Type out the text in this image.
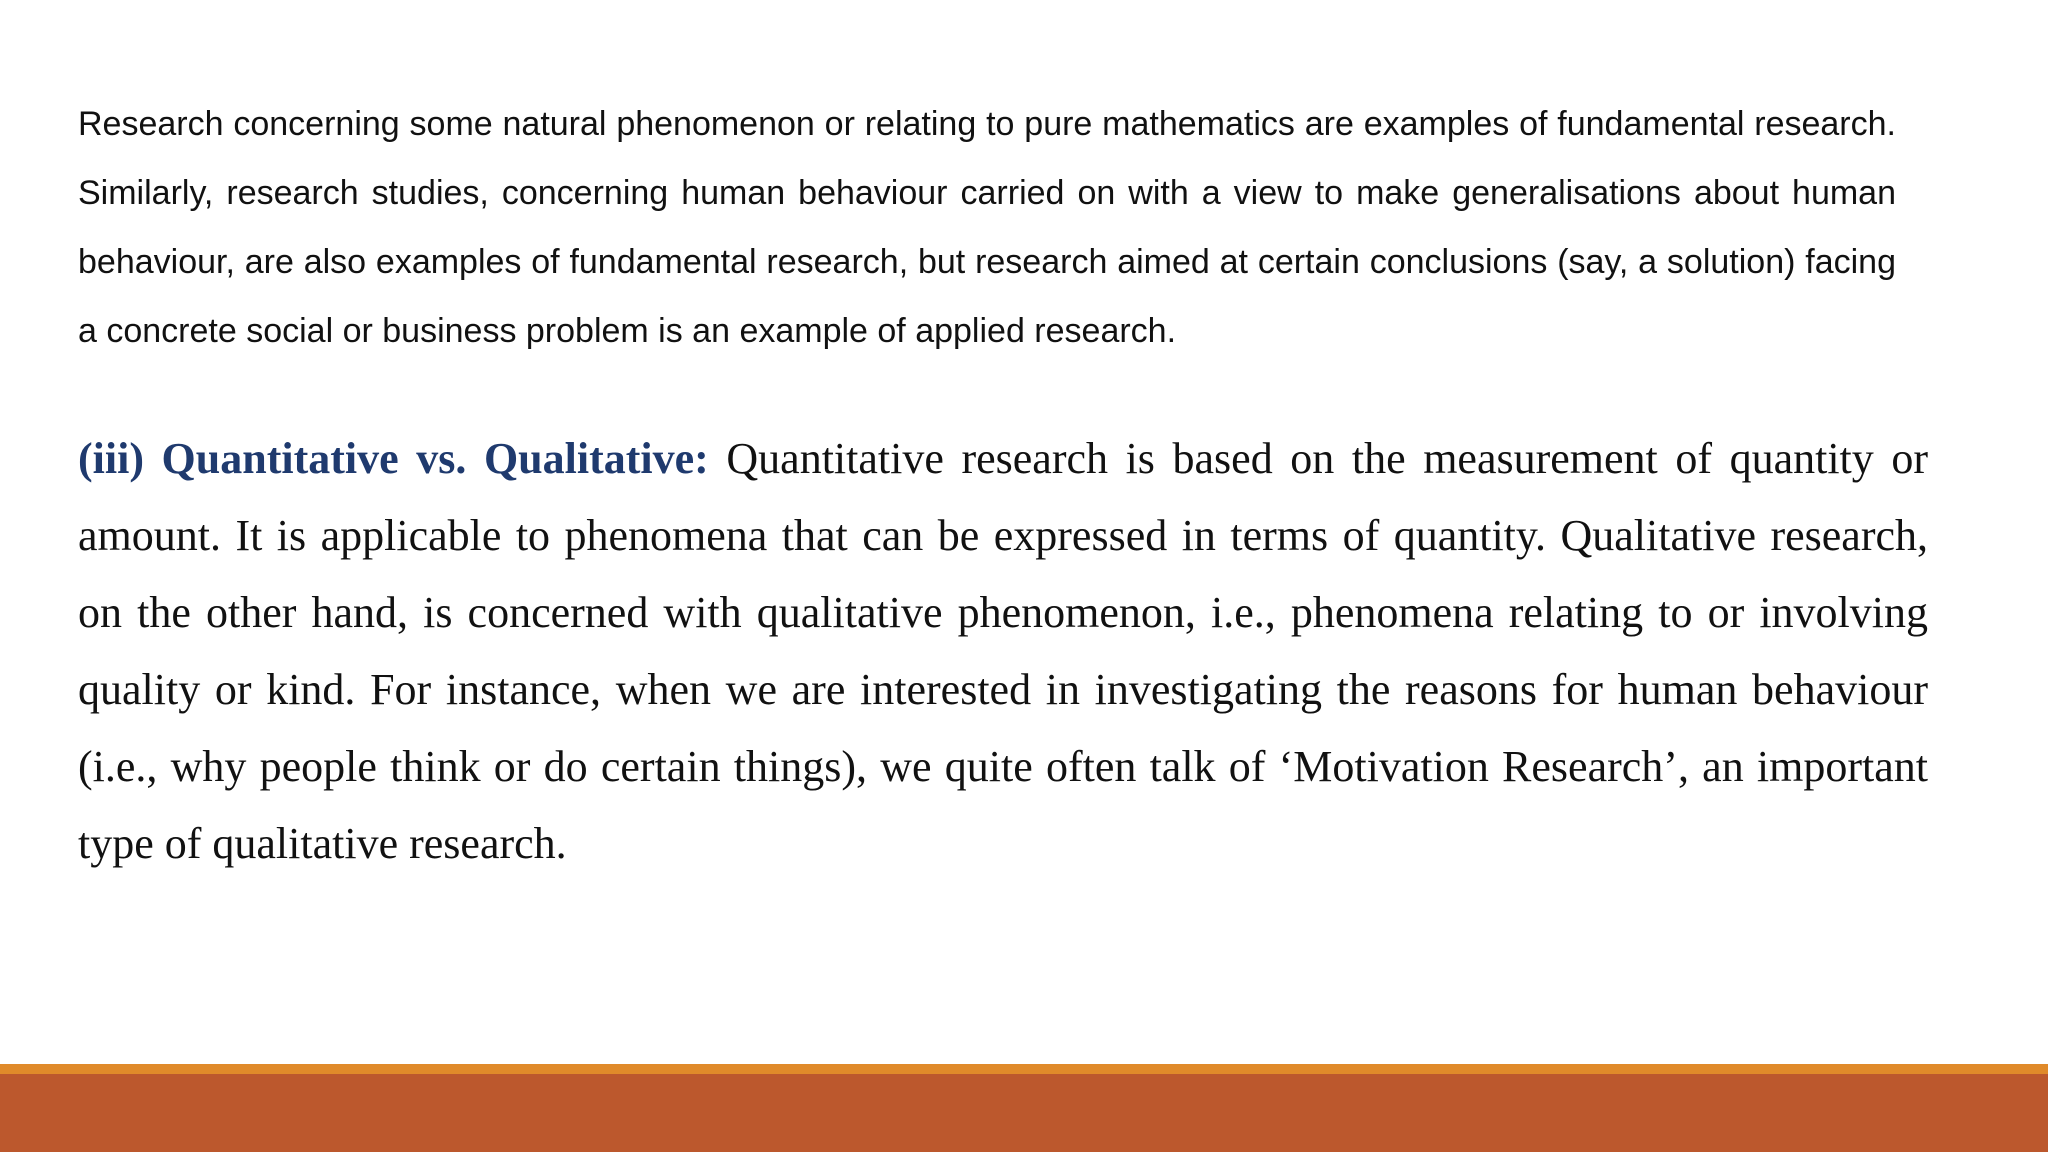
Research concerning some natural phenomenon or relating to pure mathematics are examples of fundamental research. Similarly, research studies, concerning human behaviour carried on with a view to make generalisations about human behaviour, are also examples of fundamental research, but research aimed at certain conclusions (say, a solution) facing a concrete social or business problem is an example of applied research.

(iii) Quantitative vs. Qualitative: Quantitative research is based on the measurement of quantity or amount. It is applicable to phenomena that can be expressed in terms of quantity. Qualitative research, on the other hand, is concerned with qualitative phenomenon, i.e., phenomena relating to or involving quality or kind. For instance, when we are interested in investigating the reasons for human behaviour (i.e., why people think or do certain things), we quite often talk of ‘Motivation Research’, an important type of qualitative research.
